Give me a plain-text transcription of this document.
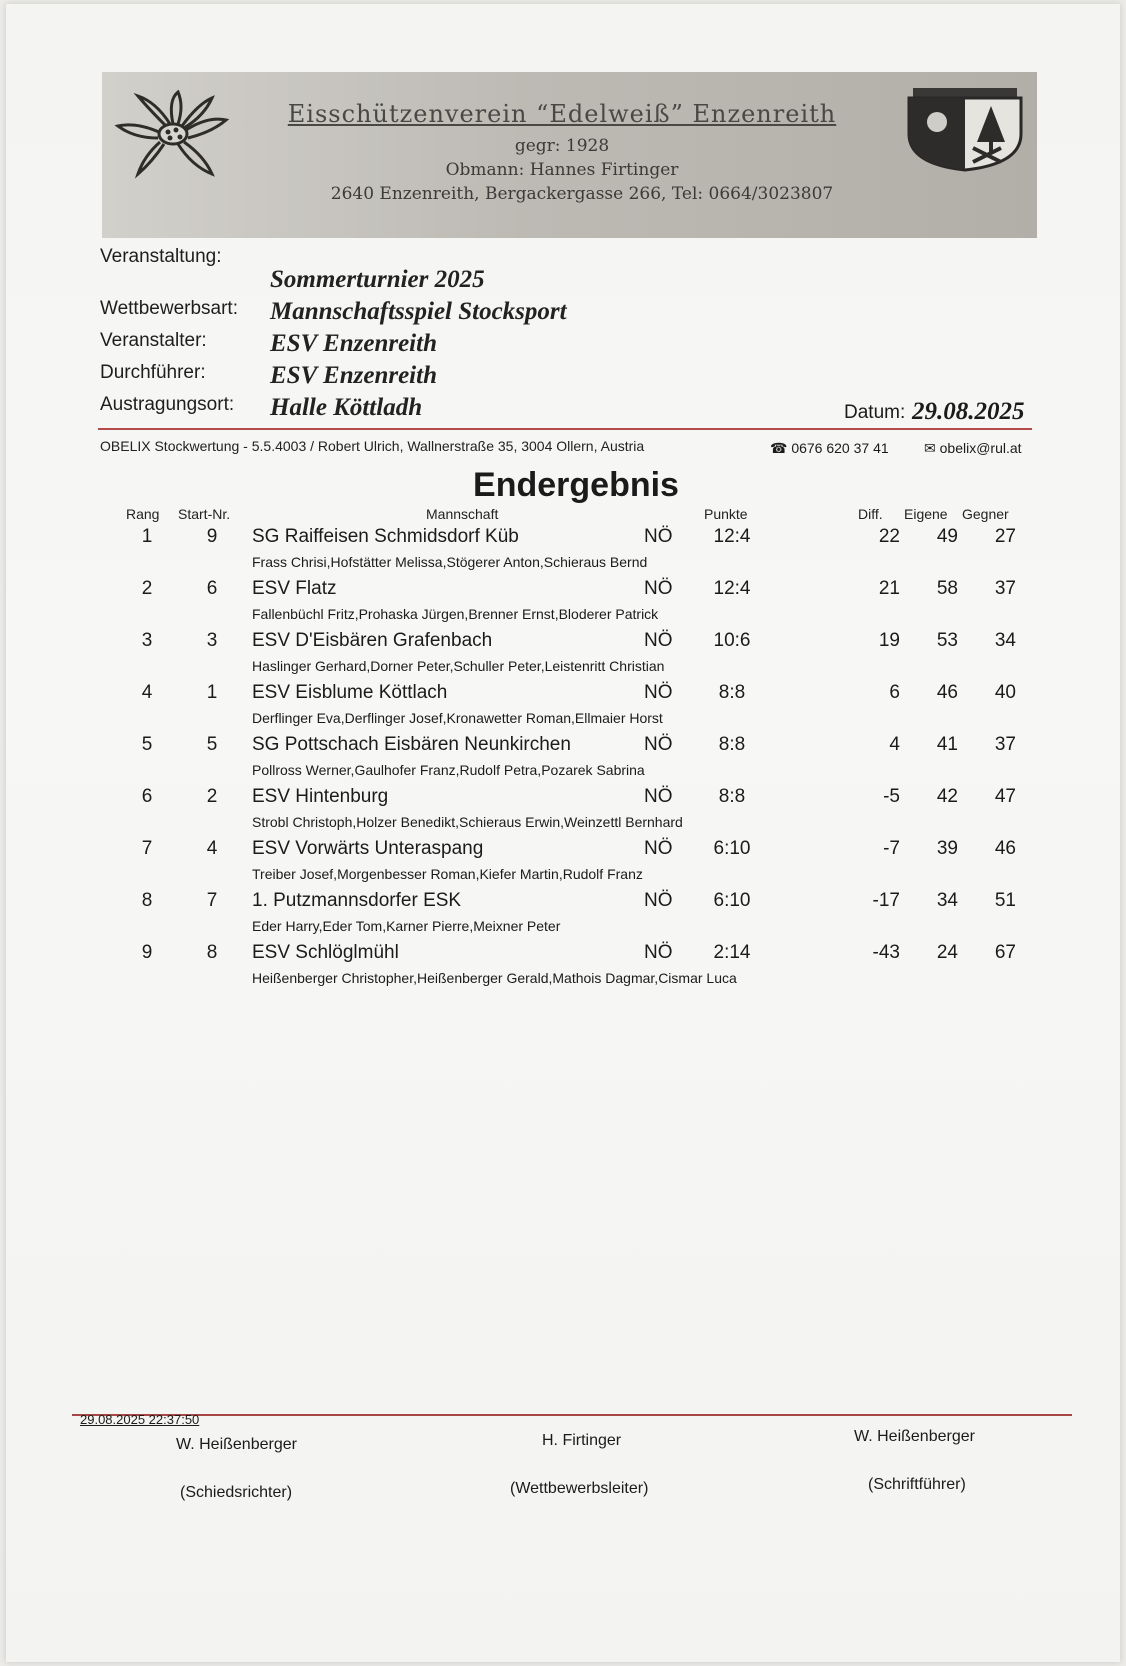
Eisschützenverein “Edelweiß” Enzenreith
gegr: 1928
Obmann: Hannes Firtinger
2640 Enzenreith, Bergackergasse 266, Tel: 0664/3023807
Veranstaltung:
Sommerturnier 2025
Wettbewerbsart: Mannschaftsspiel Stocksport
Veranstalter:	ESV Enzenreith
Durchführer:	ESV Enzenreith
Austragungsort: Halle Köttladh	Datum: 29.08.2025
OBELIX Stockwertung - 5.5.4003 / Robert Ulrich, Wallnerstraße 35, 3004 Ollern, Austria	☎ 0676 620 37 41	✉ obelix@rul.at
Endergebnis
Rang Start-Nr.	Mannschaft	Punkte	Diff. Eigene Gegner
1	9	SG Raiffeisen Schmidsdorf Küb	NÖ	12:4	22	49	27
Frass Chrisi,Hofstätter Melissa,Stögerer Anton,Schieraus Bernd
2	6	ESV Flatz	NÖ	12:4	21	58	37
Fallenbüchl Fritz,Prohaska Jürgen,Brenner Ernst,Bloderer Patrick
3	3	ESV D'Eisbären Grafenbach	NÖ	10:6	19	53	34
Haslinger Gerhard,Dorner Peter,Schuller Peter,Leistenritt Christian
4	1	ESV Eisblume Köttlach	NÖ	8:8	6	46	40
Derflinger Eva,Derflinger Josef,Kronawetter Roman,Ellmaier Horst
5	5	SG Pottschach Eisbären Neunkirchen	NÖ	8:8	4	41	37
Pollross Werner,Gaulhofer Franz,Rudolf Petra,Pozarek Sabrina
6	2	ESV Hintenburg	NÖ	8:8	-5	42	47
Strobl Christoph,Holzer Benedikt,Schieraus Erwin,Weinzettl Bernhard
7	4	ESV Vorwärts Unteraspang	NÖ	6:10	-7	39	46
Treiber Josef,Morgenbesser Roman,Kiefer Martin,Rudolf Franz
8	7	1. Putzmannsdorfer ESK	NÖ	6:10	-17	34	51
Eder Harry,Eder Tom,Karner Pierre,Meixner Peter
9	8	ESV Schlöglmühl	NÖ	2:14	-43	24	67
Heißenberger Christopher,Heißenberger Gerald,Mathois Dagmar,Cismar Luca
29.08.2025 22:37:50
W. Heißenberger
(Schiedsrichter)
H. Firtinger
(Wettbewerbsleiter)
W. Heißenberger
(Schriftführer)
